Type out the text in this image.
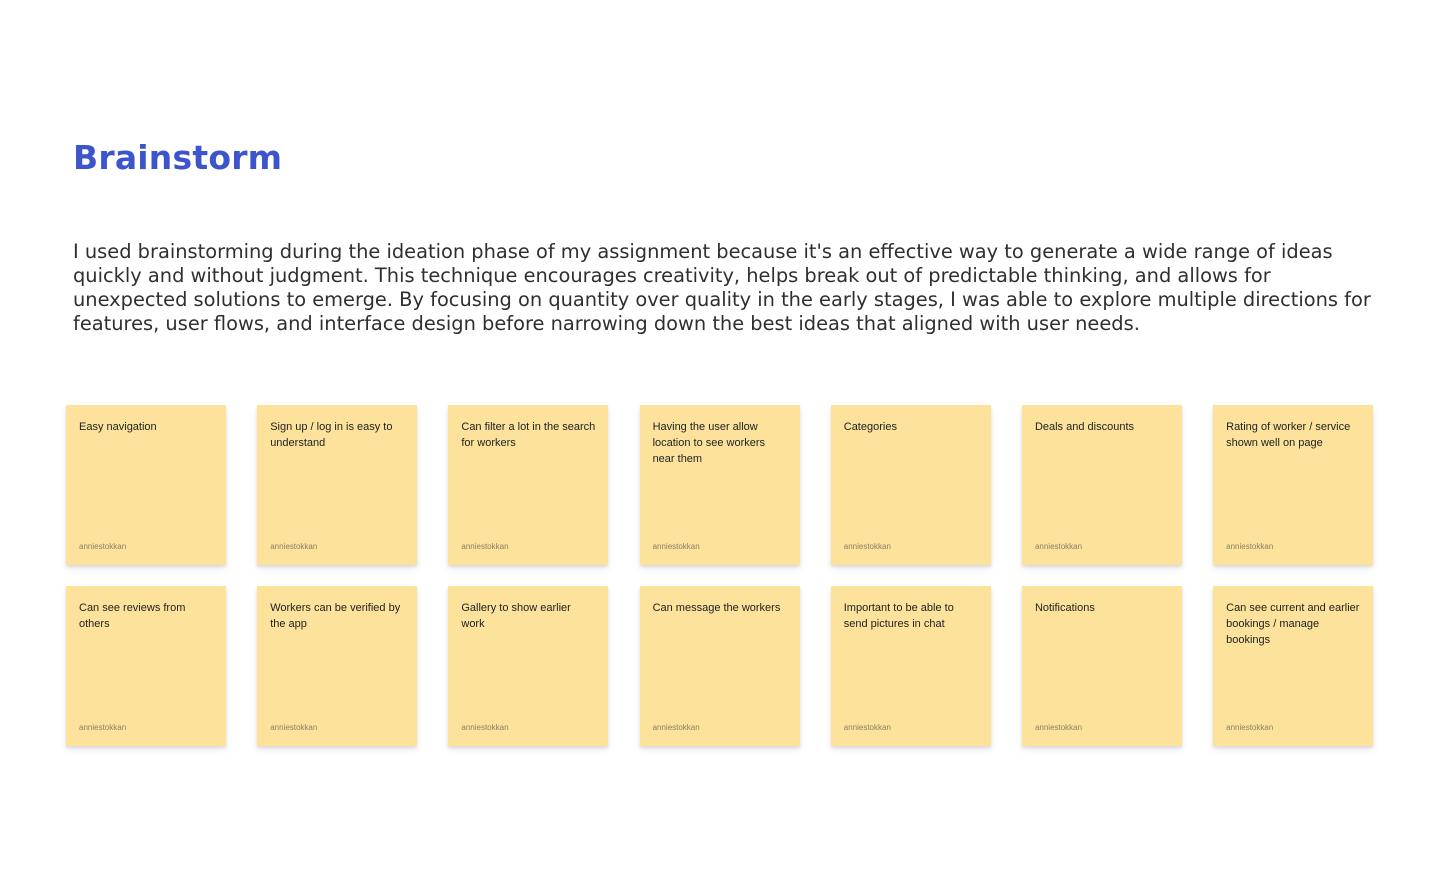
Brainstorm

I used brainstorming during the ideation phase of my assignment because it's an effective way to generate a wide range of ideas quickly and without judgment. This technique encourages creativity, helps break out of predictable thinking, and allows for unexpected solutions to emerge. By focusing on quantity over quality in the early stages, I was able to explore multiple directions for features, user flows, and interface design before narrowing down the best ideas that aligned with user needs.

Easy navigation
anniestokkan
Sign up / log in is easy to understand
anniestokkan
Can filter a lot in the search for workers
anniestokkan
Having the user allow location to see workers near them
anniestokkan
Categories
anniestokkan
Deals and discounts
anniestokkan
Rating of worker / service shown well on page
anniestokkan
Can see reviews from others
anniestokkan
Workers can be verified by the app
anniestokkan
Gallery to show earlier work
anniestokkan
Can message the workers
anniestokkan
Important to be able to send pictures in chat
anniestokkan
Notifications
anniestokkan
Can see current and earlier bookings / manage bookings
anniestokkan
